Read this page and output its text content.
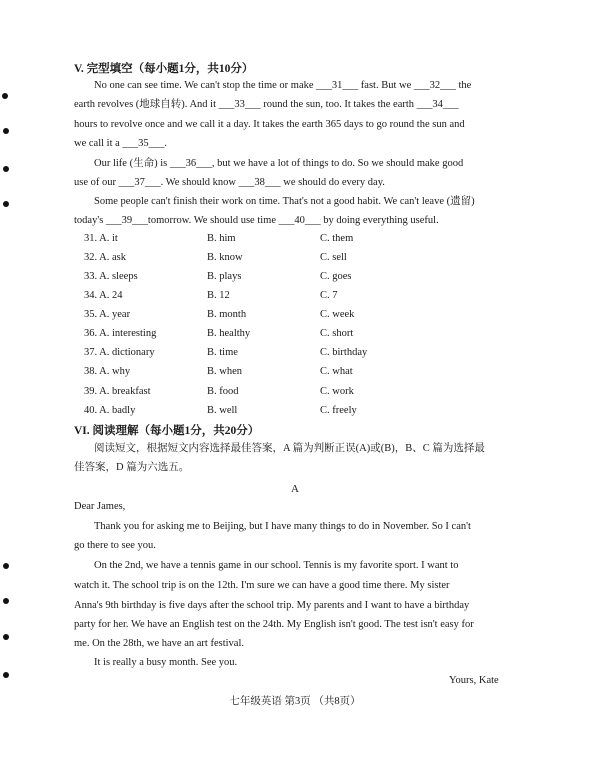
V. 完型填空（每小题1分，共10分）
No one can see time. We can't stop the time or make ___31___ fast. But we ___32___ the
earth revolves (地球自转). And it ___33___ round the sun, too. It takes the earth ___34___
hours to revolve once and we call it a day. It takes the earth 365 days to go round the sun and
we call it a ___35___.
Our life (生命) is ___36___, but we have a lot of things to do. So we should make good
use of our ___37___. We should know ___38___ we should do every day.
Some people can't finish their work on time. That's not a good habit. We can't leave (遗留)
today's ___39___tomorrow. We should use time ___40___ by doing everything useful.
31. A. it	B. him	C. them
32. A. ask	B. know	C. sell
33. A. sleeps	B. plays	C. goes
34. A. 24	B. 12	C. 7
35. A. year	B. month	C. week
36. A. interesting	B. healthy	C. short
37. A. dictionary	B. time	C. birthday
38. A. why	B. when	C. what
39. A. breakfast	B. food	C. work
40. A. badly	B. well	C. freely
VI. 阅读理解（每小题1分，共20分）
阅读短文，根据短文内容选择最佳答案，A 篇为判断正误(A)或(B)，B、C 篇为选择最
佳答案，D 篇为六选五。
A
Dear James,
Thank you for asking me to Beijing, but I have many things to do in November. So I can't
go there to see you.
On the 2nd, we have a tennis game in our school. Tennis is my favorite sport. I want to
watch it. The school trip is on the 12th. I'm sure we can have a good time there. My sister
Anna's 9th birthday is five days after the school trip. My parents and I want to have a birthday
party for her. We have an English test on the 24th. My English isn't good. The test isn't easy for
me. On the 28th, we have an art festival.
It is really a busy month. See you.
Yours, Kate
七年级英语 第3页 （共8页）
